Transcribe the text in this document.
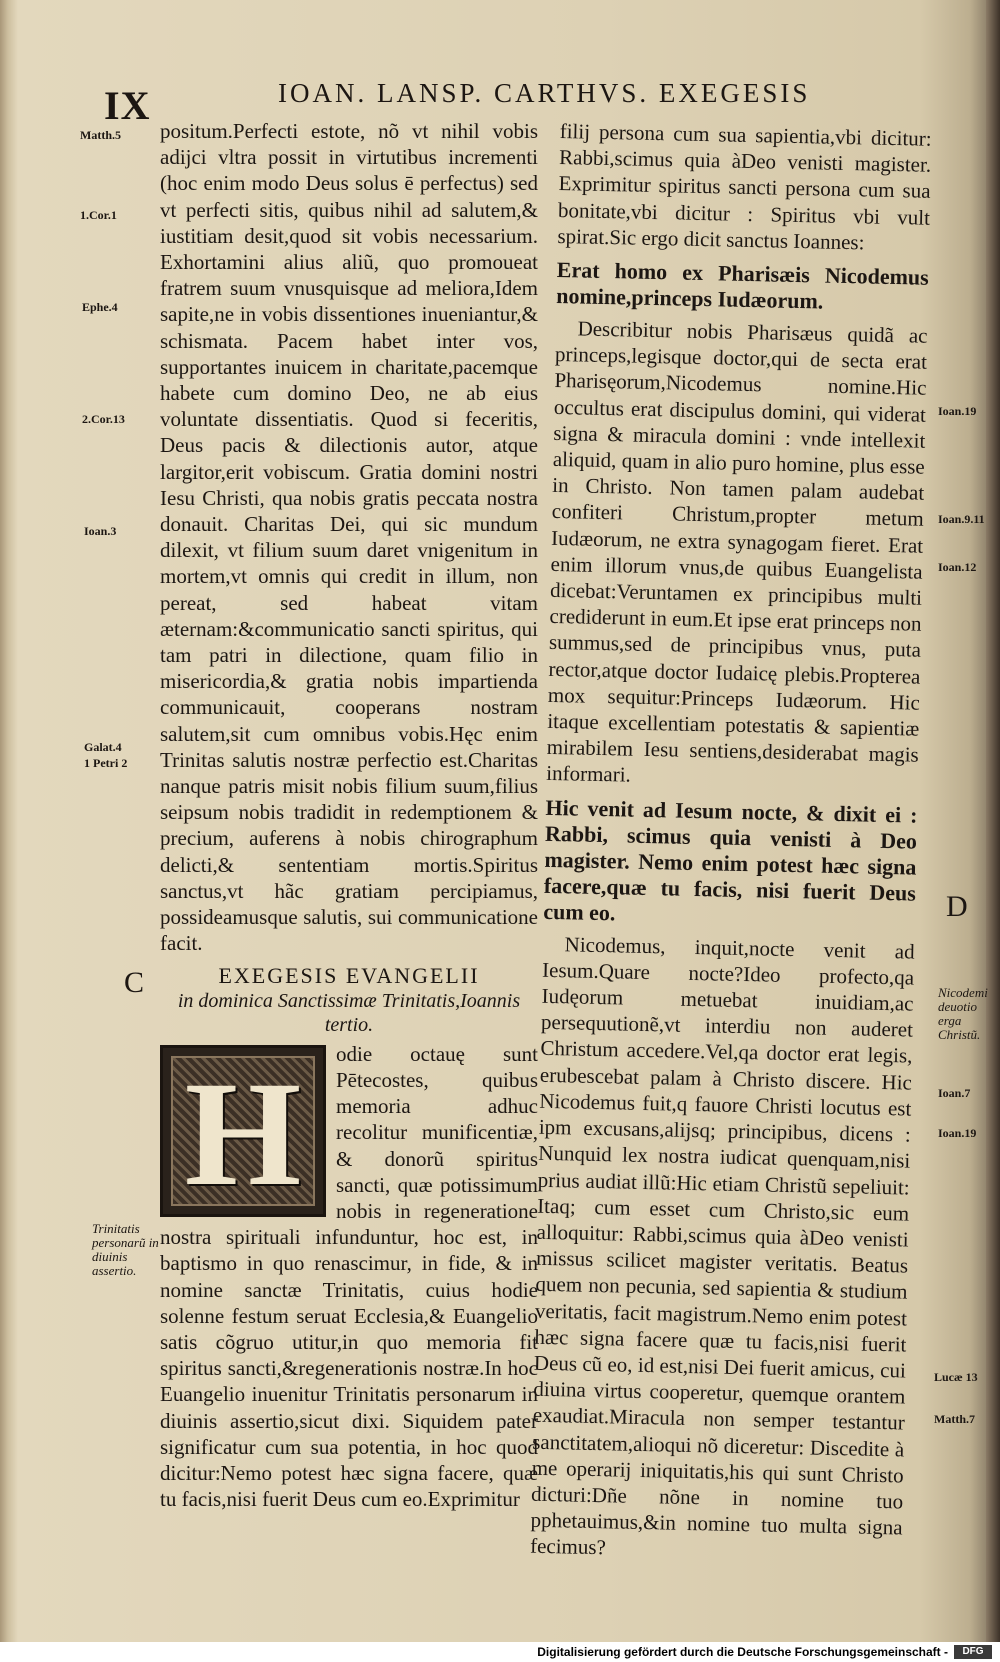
IX	IOAN. LANSP. CARTHVS. EXEGESIS
Matth.5
1.Cor.1
Ephe.4
2.Cor.13
Ioan.3
Galat.4
1 Petri 2
C
Trinitatis personarũ in diuinis assertio.

positum.Perfecti estote, nõ vt nihil vobis adijci vltra possit in virtutibus incrementi (hoc enim modo Deus solus ē perfectus) sed vt perfecti sitis, quibus nihil ad salutem,& iustitiam desit,quod sit vobis necessarium. Exhortamini alius aliũ, quo promoueat fratrem suum vnusquisque ad meliora,Idem sapite,ne in vobis dissentiones inueniantur,& schismata. Pacem habet inter vos, supportantes inuicem in charitate,pacemque habete cum domino Deo, ne ab eius voluntate dissentiatis. Quod si feceritis, Deus pacis & dilectionis autor, atque largitor,erit vobiscum. Gratia domini nostri Iesu Christi, qua nobis gratis peccata nostra donauit. Charitas Dei, qui sic mundum dilexit, vt filium suum daret vnigenitum in mortem,vt omnis qui credit in illum, non pereat, sed habeat vitam æternam:&communicatio sancti spiritus, qui tam patri in dilectione, quam filio in misericordia,& gratia nobis impartienda communicauit, cooperans nostram salutem,sit cum omnibus vobis.Hęc enim Trinitas salutis nostræ perfectio est.Charitas nanque patris misit nobis filium suum,filius seipsum nobis tradidit in redemptionem & precium, auferens à nobis chirographum delicti,& sententiam mortis.Spiritus sanctus,vt hãc gratiam percipiamus, possideamusque salutis, sui communicatione facit.

EXEGESIS EVANGELII
in dominica Sanctissimæ Trinitatis,Ioannis tertio.

H	odie octauę sunt Pētecostes, quibus memoria adhuc recolitur munificentiæ, & donorũ spiritus sancti, quæ potissimum nobis in regeneratione nostra spirituali infunduntur, hoc est, in baptismo in quo renascimur, in fide, & in nomine sanctæ Trinitatis, cuius hodie solenne festum seruat Ecclesia,& Euangelio satis cõgruo utitur,in quo memoria fit spiritus sancti,&regenerationis nostræ.In hoc Euangelio inuenitur Trinitatis personarum in diuinis assertio,sicut dixi. Siquidem pater significatur cum sua potentia, in hoc quod dicitur:Nemo potest hæc signa facere, quæ tu facis,nisi fuerit Deus cum eo.Exprimitur

filij persona cum sua sapientia,vbi dicitur: Rabbi,scimus quia àDeo venisti magister. Exprimitur spiritus sancti persona cum sua bonitate,vbi dicitur : Spiritus vbi vult spirat.Sic ergo dicit sanctus Ioannes:

Erat homo ex Pharisæis Nicodemus nomine,princeps Iudæorum.

Describitur nobis Pharisæus quidã ac princeps,legisque doctor,qui de secta erat Pharisęorum,Nicodemus nomine.Hic occultus erat discipulus domini, qui viderat signa & miracula domini : vnde intellexit aliquid, quam in alio puro homine, plus esse in Christo. Non tamen palam audebat confiteri Christum,propter metum Iudæorum, ne extra synagogam fieret. Erat enim illorum vnus,de quibus Euangelista dicebat:Veruntamen ex principibus multi crediderunt in eum.Et ipse erat princeps non summus,sed de principibus vnus, puta rector,atque doctor Iudaicę plebis.Propterea mox sequitur:Princeps Iudæorum. Hic itaque excellentiam potestatis & sapientiæ mirabilem Iesu sentiens,desiderabat magis informari.

Hic venit ad Iesum nocte, & dixit ei : Rabbi, scimus quia venisti à Deo magister. Nemo enim potest hæc signa facere,quæ tu facis, nisi fuerit Deus cum eo.

Nicodemus, inquit,nocte venit ad Iesum.Quare nocte?Ideo profecto,qa Iudęorum metuebat inuidiam,ac persequutionẽ,vt interdiu non auderet Christum accedere.Vel,qa doctor erat legis, erubescebat palam à Christo discere. Hic Nicodemus fuit,q fauore Christi locutus est ipm excusans,alijsq; principibus, dicens : Nunquid lex nostra iudicat quenquam,nisi prius audiat illũ:Hic etiam Christũ sepeliuit: Itaq; cum esset cum Christo,sic eum alloquitur: Rabbi,scimus quia àDeo venisti missus scilicet magister veritatis. Beatus quem non pecunia, sed sapientia & studium veritatis, facit magistrum.Nemo enim potest hæc signa facere quæ tu facis,nisi fuerit Deus cũ eo, id est,nisi Dei fuerit amicus, cui diuina virtus cooperetur, quemque orantem exaudiat.Miracula non semper testantur sanctitatem,alioqui nõ diceretur: Discedite à me operarij iniquitatis,his qui sunt Christo dicturi:Dñe nõne in nomine tuo pphetauimus,&in nomine tuo multa signa fecimus?

Ioan.19
Ioan.9.11
Ioan.12
D
Nicodemi deuotio erga Christũ.
Ioan.7
Ioan.19
Lucæ 13
Matth.7
Digitalisierung gefördert durch die Deutsche Forschungsgemeinschaft -	DFG
